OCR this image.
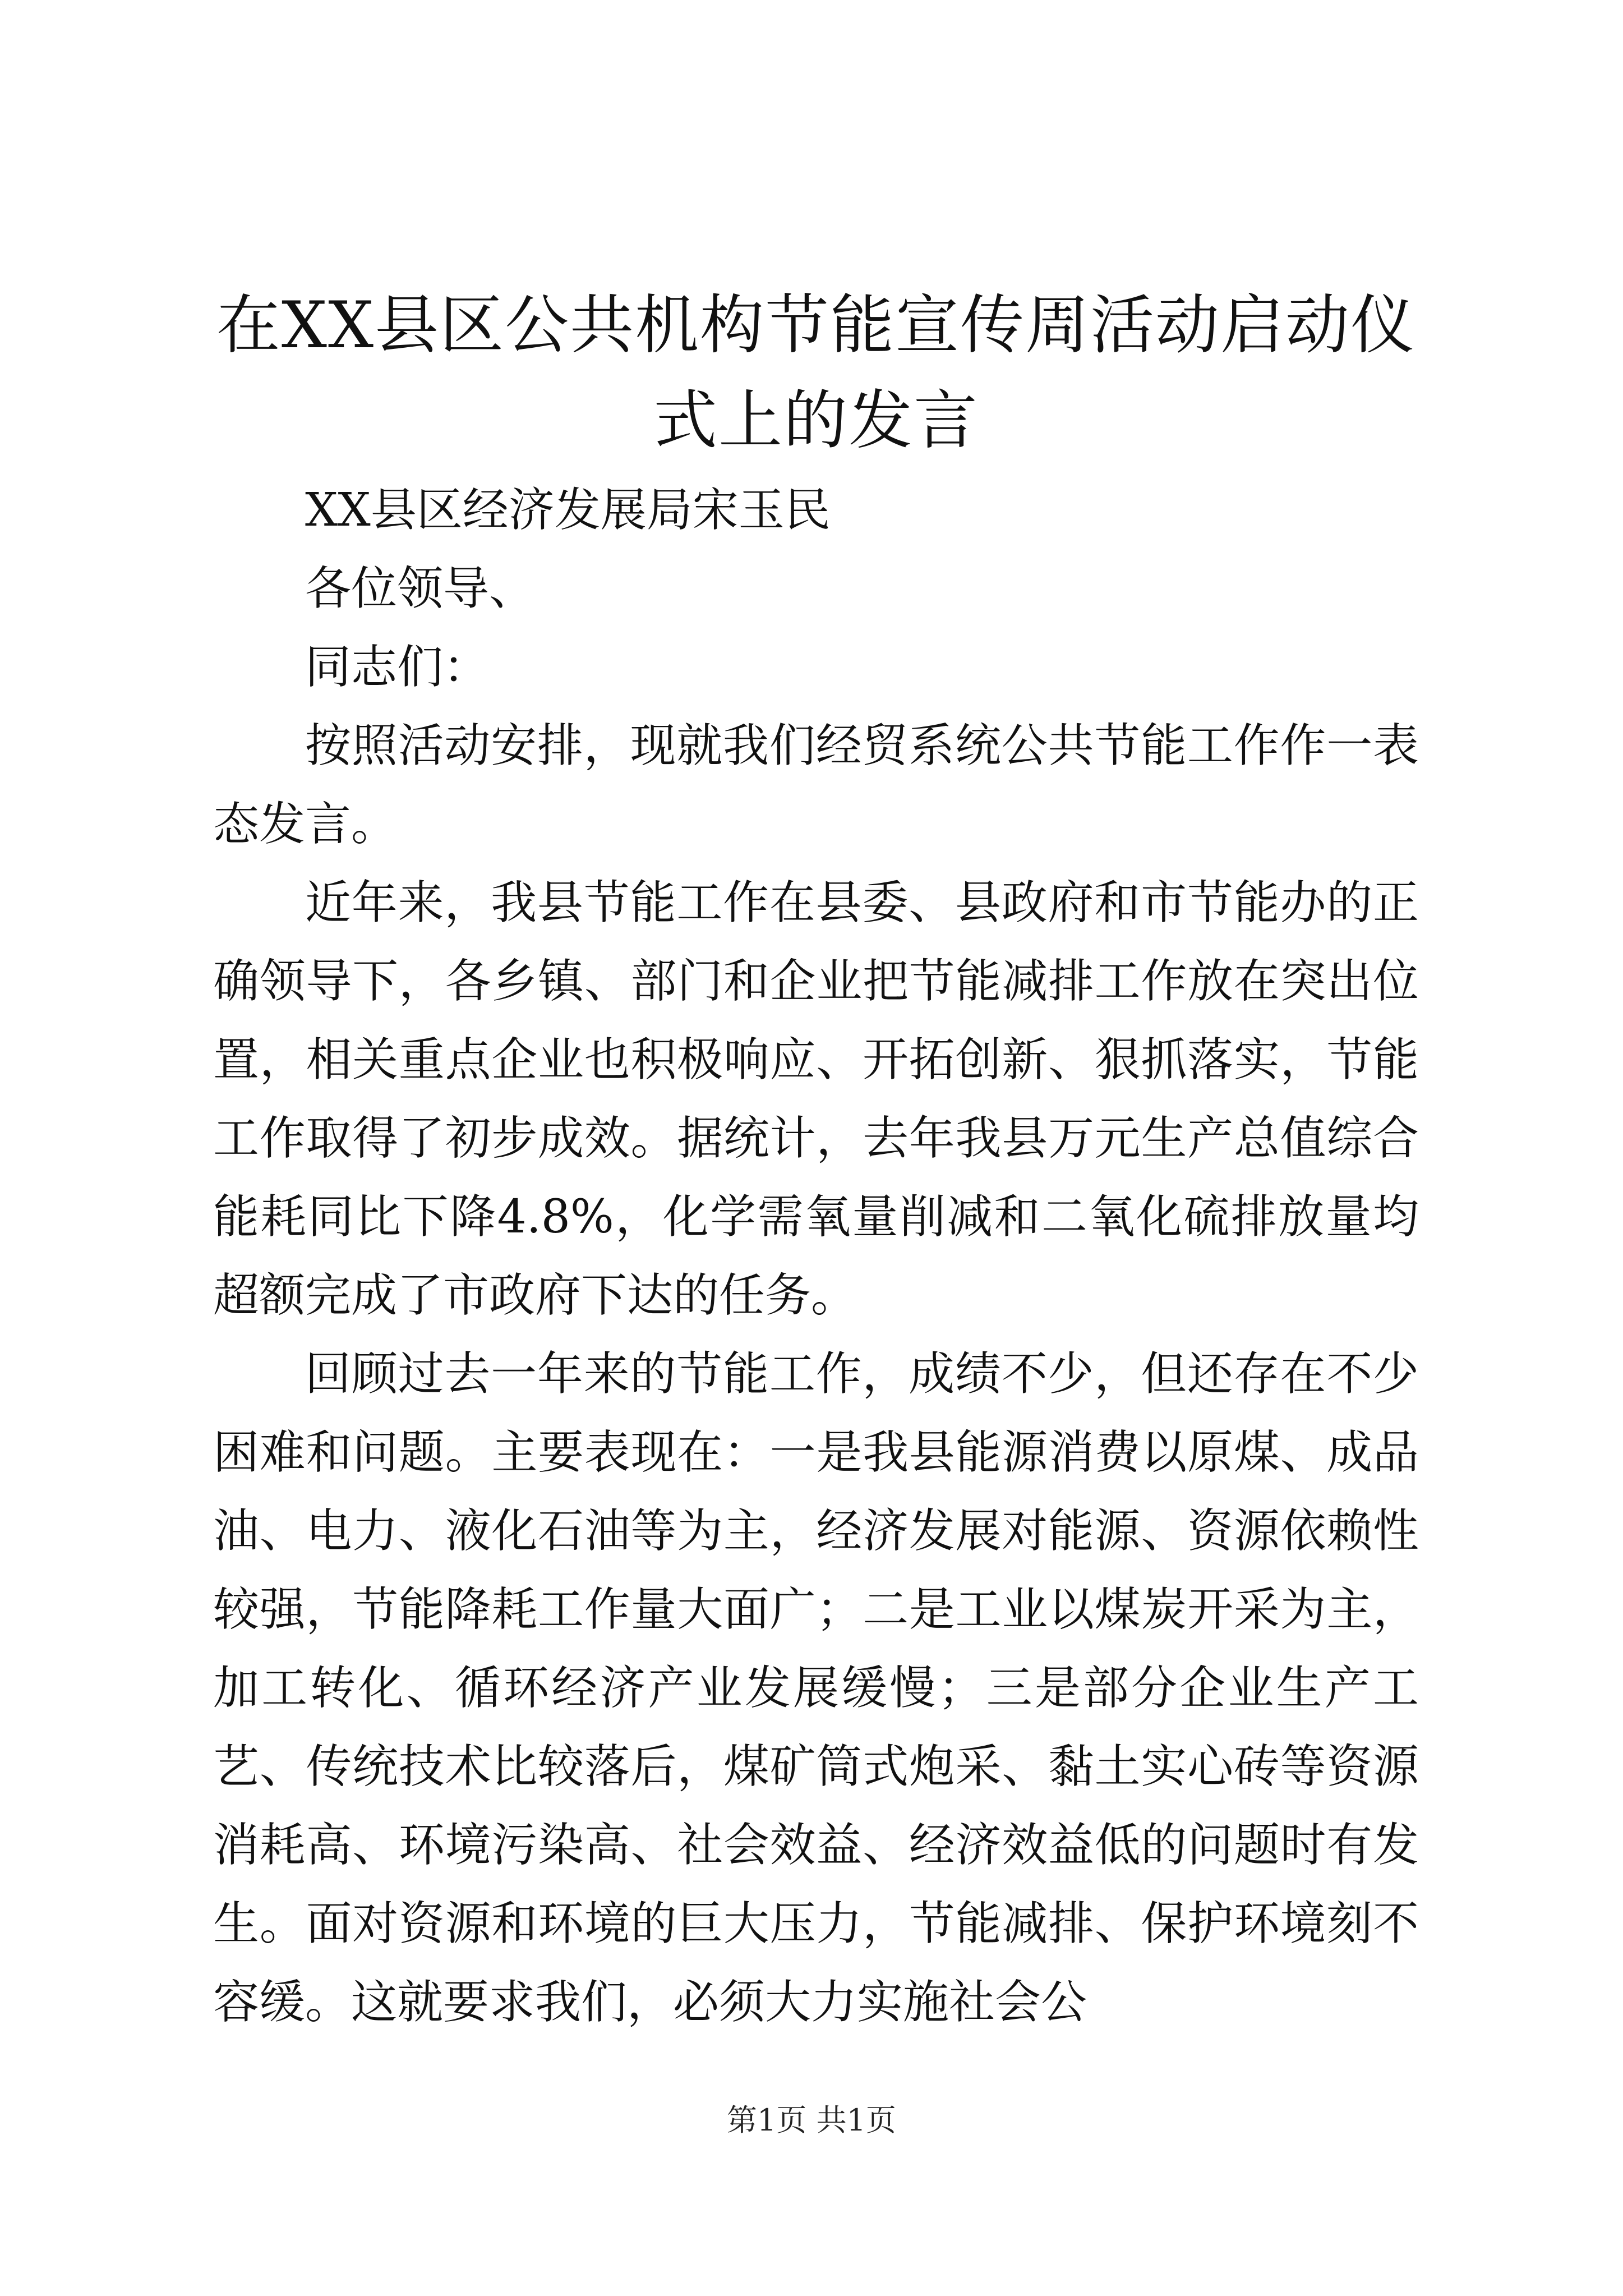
在XX县区公共机构节能宣传周活动启动仪式上的发言

XX县区经济发展局宋玉民

各位领导、

同志们：

按照活动安排，现就我们经贸系统公共节能工作作一表态发言。

近年来，我县节能工作在县委、县政府和市节能办的正确领导下，各乡镇、部门和企业把节能减排工作放在突出位置，相关重点企业也积极响应、开拓创新、狠抓落实，节能工作取得了初步成效。据统计，去年我县万元生产总值综合能耗同比下降4.8%，化学需氧量削减和二氧化硫排放量均超额完成了市政府下达的任务。

回顾过去一年来的节能工作，成绩不少，但还存在不少困难和问题。主要表现在：一是我县能源消费以原煤、成品油、电力、液化石油等为主，经济发展对能源、资源依赖性较强，节能降耗工作量大面广；二是工业以煤炭开采为主，加工转化、循环经济产业发展缓慢；三是部分企业生产工艺、传统技术比较落后，煤矿筒式炮采、黏土实心砖等资源消耗高、环境污染高、社会效益、经济效益低的问题时有发生。面对资源和环境的巨大压力，节能减排、保护环境刻不容缓。这就要求我们，必须大力实施社会公

第1页 共1页
